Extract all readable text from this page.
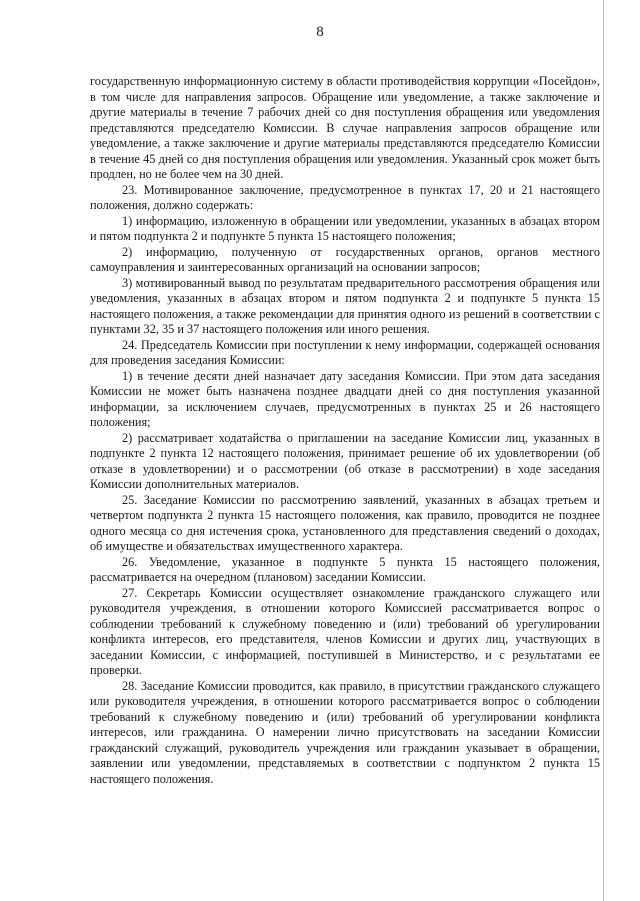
8

государственную информационную систему в области противодействия коррупции «Посейдон», в том числе для направления запросов. Обращение или уведомление, а также заключение и другие материалы в течение 7 рабочих дней со дня поступления обращения или уведомления представляются председателю Комиссии. В случае направления запросов обращение или уведомление, а также заключение и другие материалы представляются председателю Комиссии в течение 45 дней со дня поступления обращения или уведомления. Указанный срок может быть продлен, но не более чем на 30 дней.

23. Мотивированное заключение, предусмотренное в пунктах 17, 20 и 21 настоящего положения, должно содержать:

1) информацию, изложенную в обращении или уведомлении, указанных в абзацах втором и пятом подпункта 2 и подпункте 5 пункта 15 настоящего положения;

2) информацию, полученную от государственных органов, органов местного самоуправления и заинтересованных организаций на основании запросов;

3) мотивированный вывод по результатам предварительного рассмотрения обращения или уведомления, указанных в абзацах втором и пятом подпункта 2 и подпункте 5 пункта 15 настоящего положения, а также рекомендации для принятия одного из решений в соответствии с пунктами 32, 35 и 37 настоящего положения или иного решения.

24. Председатель Комиссии при поступлении к нему информации, содержащей основания для проведения заседания Комиссии:

1) в течение десяти дней назначает дату заседания Комиссии. При этом дата заседания Комиссии не может быть назначена позднее двадцати дней со дня поступления указанной информации, за исключением случаев, предусмотренных в пунктах 25 и 26 настоящего положения;

2) рассматривает ходатайства о приглашении на заседание Комиссии лиц, указанных в подпункте 2 пункта 12 настоящего положения, принимает решение об их удовлетворении (об отказе в удовлетворении) и о рассмотрении (об отказе в рассмотрении) в ходе заседания Комиссии дополнительных материалов.

25. Заседание Комиссии по рассмотрению заявлений, указанных в абзацах третьем и четвертом подпункта 2 пункта 15 настоящего положения, как правило, проводится не позднее одного месяца со дня истечения срока, установленного для представления сведений о доходах, об имуществе и обязательствах имущественного характера.

26. Уведомление, указанное в подпункте 5 пункта 15 настоящего положения, рассматривается на очередном (плановом) заседании Комиссии.

27. Секретарь Комиссии осуществляет ознакомление гражданского служащего или руководителя учреждения, в отношении которого Комиссией рассматривается вопрос о соблюдении требований к служебному поведению и (или) требований об урегулировании конфликта интересов, его представителя, членов Комиссии и других лиц, участвующих в заседании Комиссии, с информацией, поступившей в Министерство, и с результатами ее проверки.

28. Заседание Комиссии проводится, как правило, в присутствии гражданского служащего или руководителя учреждения, в отношении которого рассматривается вопрос о соблюдении требований к служебному поведению и (или) требований об урегулировании конфликта интересов, или гражданина. О намерении лично присутствовать на заседании Комиссии гражданский служащий, руководитель учреждения или гражданин указывает в обращении, заявлении или уведомлении, представляемых в соответствии с подпунктом 2 пункта 15 настоящего положения.
